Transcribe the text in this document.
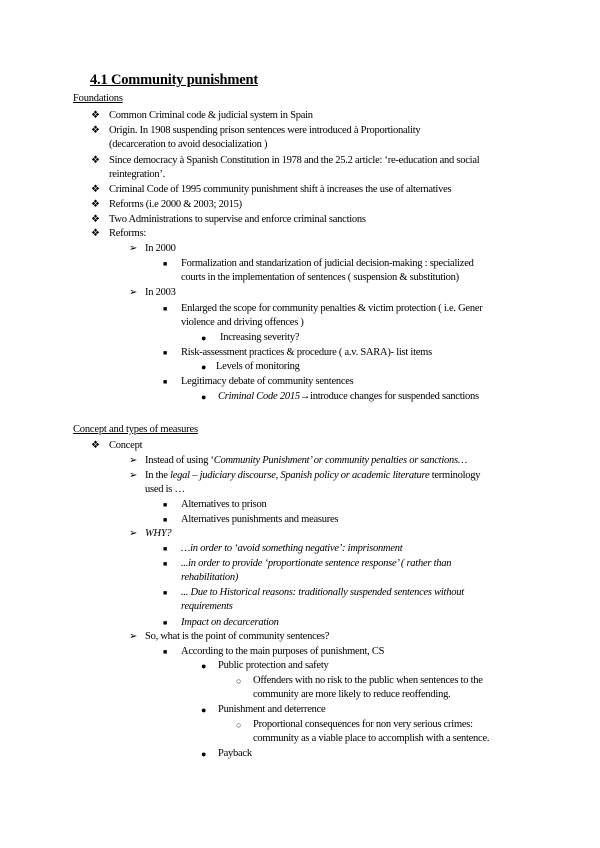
4.1 Community punishment
Foundations
❖ Common Criminal code & judicial system in Spain
❖ Origin. In 1908 suspending prison sentences were introduced à Proportionality
(decarceration to avoid desocialization )
❖ Since democracy à Spanish Constitution in 1978 and the 25.2 article: ‘re-education and social
reintegration’.
❖ Criminal Code of 1995 community punishment shift à increases the use of alternatives
❖ Reforms (i.e 2000 & 2003; 2015)
❖ Two Administrations to supervise and enforce criminal sanctions
❖ Reforms:
➢ In 2000
■ Formalization and standarization of judicial decision-making : specialized
courts in the implementation of sentences ( suspension & substitution)
➢ In 2003
■ Enlarged the scope for community penalties & victim protection ( i.e. Gener
violence and driving offences )
● Increasing severity?
■ Risk-assessment practices & procedure ( a.v. SARA)- list items
● Levels of monitoring
■ Legitimacy debate of community sentences
● Criminal Code 2015→introduce changes for suspended sanctions
Concept and types of measures
❖ Concept
➢ Instead of using ‘Community Punishment’ or community penalties or sanctions…
➢ In the legal – judiciary discourse, Spanish policy or academic literature terminology
used is …
■ Alternatives to prison
■ Alternatives punishments and measures
➢ WHY?
■ …in order to ‘avoid something negative’: imprisonment
■ ...in order to provide ‘proportionate sentence response’ ( rather than
rehabilitation)
■ ... Due to Historical reasons: traditionally suspended sentences without
requirements
■ Impact on decarceration
➢ So, what is the point of community sentences?
■ According to the main purposes of punishment, CS
● Public protection and safety
○ Offenders with no risk to the public when sentences to the
community are more likely to reduce reoffending.
● Punishment and deterrence
○ Proportional consequences for non very serious crimes:
community as a viable place to accomplish with a sentence.
● Payback
